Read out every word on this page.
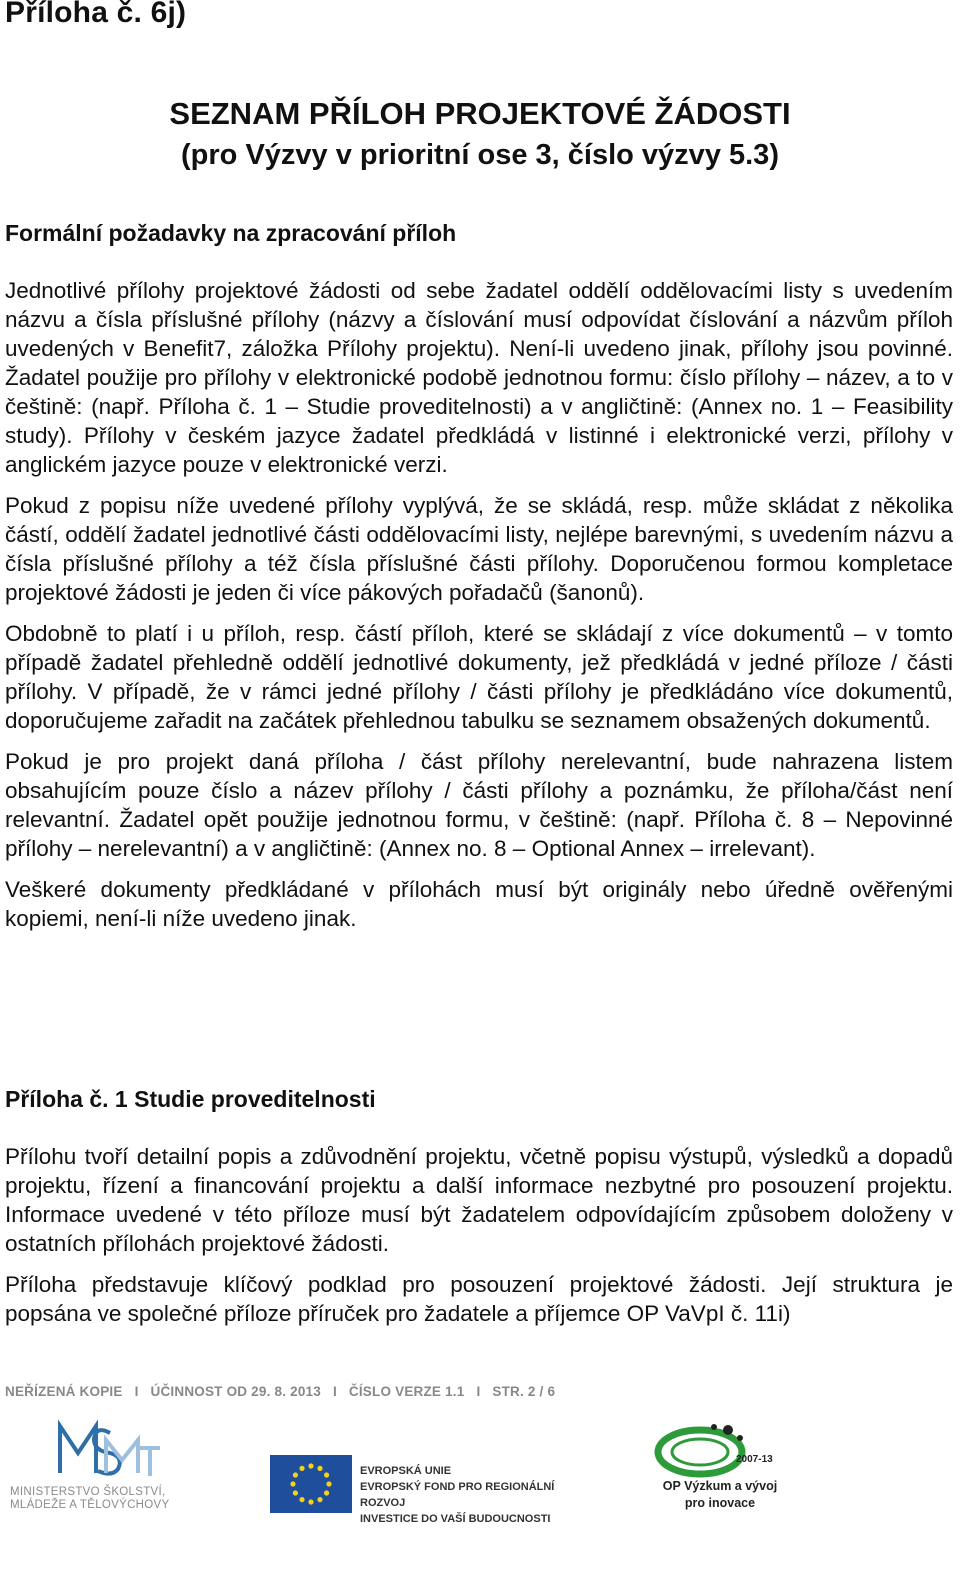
Příloha č. 6j)
SEZNAM PŘÍLOH PROJEKTOVÉ ŽÁDOSTI
(pro Výzvy v prioritní ose 3, číslo výzvy 5.3)
Formální požadavky na zpracování příloh

Jednotlivé přílohy projektové žádosti od sebe žadatel oddělí oddělovacími listy s uvedením názvu a čísla příslušné přílohy (názvy a číslování musí odpovídat číslování a názvům příloh uvedených v Benefit7, záložka Přílohy projektu). Není-li uvedeno jinak, přílohy jsou povinné. Žadatel použije pro přílohy v elektronické podobě jednotnou formu: číslo přílohy – název, a to v češtině: (např. Příloha č. 1 – Studie proveditelnosti) a v angličtině: (Annex no. 1 – Feasibility study). Přílohy v českém jazyce žadatel předkládá v listinné i elektronické verzi, přílohy v anglickém jazyce pouze v elektronické verzi.

Pokud z popisu níže uvedené přílohy vyplývá, že se skládá, resp. může skládat z několika částí, oddělí žadatel jednotlivé části oddělovacími listy, nejlépe barevnými, s uvedením názvu a čísla příslušné přílohy a též čísla příslušné části přílohy. Doporučenou formou kompletace projektové žádosti je jeden či více pákových pořadačů (šanonů).

Obdobně to platí i u příloh, resp. částí příloh, které se skládají z více dokumentů – v tomto případě žadatel přehledně oddělí jednotlivé dokumenty, jež předkládá v jedné příloze / části přílohy. V případě, že v rámci jedné přílohy / části přílohy je předkládáno více dokumentů, doporučujeme zařadit na začátek přehlednou tabulku se seznamem obsažených dokumentů.

Pokud je pro projekt daná příloha / část přílohy nerelevantní, bude nahrazena listem obsahujícím pouze číslo a název přílohy / části přílohy a poznámku, že příloha/část není relevantní. Žadatel opět použije jednotnou formu, v češtině: (např. Příloha č. 8 – Nepovinné přílohy – nerelevantní) a v angličtině: (Annex no. 8 – Optional Annex – irrelevant).

Veškeré dokumenty předkládané v přílohách musí být originály nebo úředně ověřenými kopiemi, není-li níže uvedeno jinak.

Příloha č. 1 Studie proveditelnosti

Přílohu tvoří detailní popis a zdůvodnění projektu, včetně popisu výstupů, výsledků a dopadů projektu, řízení a financování projektu a další informace nezbytné pro posouzení projektu. Informace uvedené v této příloze musí být žadatelem odpovídajícím způsobem doloženy v ostatních přílohách projektové žádosti.

Příloha představuje klíčový podklad pro posouzení projektové žádosti. Její struktura je popsána ve společné příloze příruček pro žadatele a příjemce OP VaVpI č. 11i)

NEŘÍZENÁ KOPIE I ÚČINNOST OD 29. 8. 2013 I ČÍSLO VERZE 1.1 I STR. 2 / 6
MINISTERSTVO ŠKOLSTVÍ,
MLÁDEŽE A TĚLOVÝCHOVY
EVROPSKÁ UNIE
EVROPSKÝ FOND PRO REGIONÁLNÍ ROZVOJ
INVESTICE DO VAŠÍ BUDOUCNOSTI
2007-13
OP Výzkum a vývoj
pro inovace
